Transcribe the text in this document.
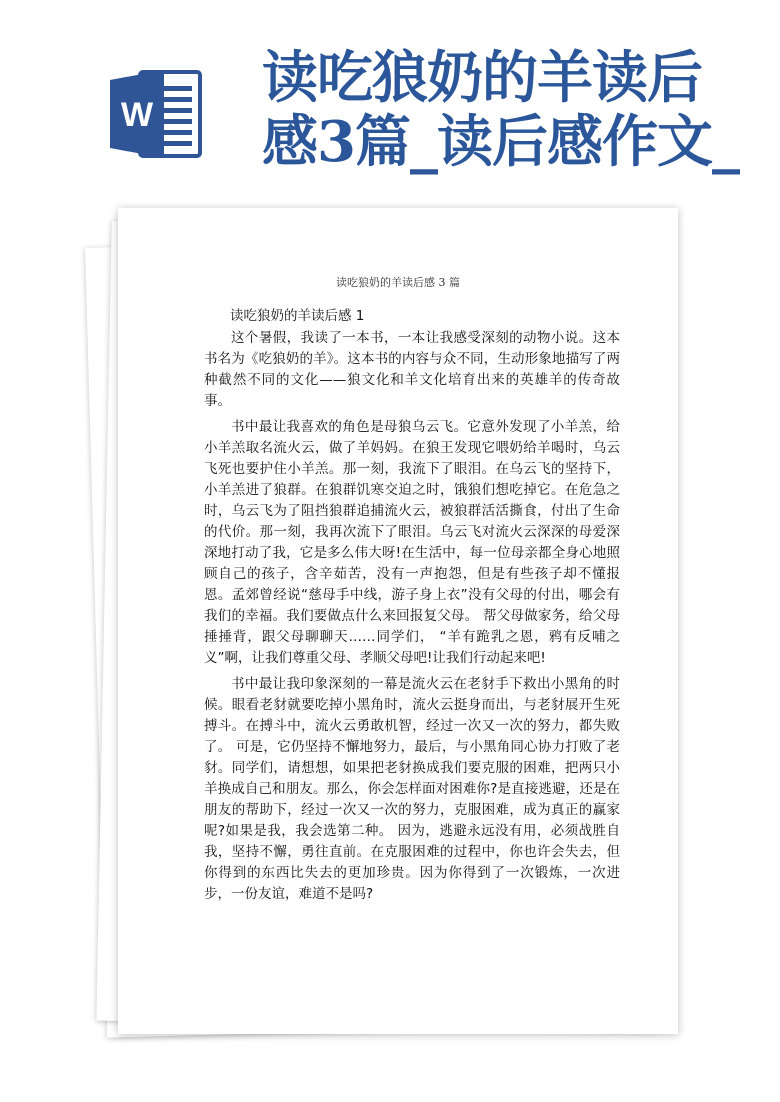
W
读吃狼奶的羊读后
感3篇_读后感作文_
读吃狼奶的羊读后感 3 篇
读吃狼奶的羊读后感 1

这个暑假，我读了一本书，一本让我感受深刻的动物小说。这本书名为《吃狼奶的羊》。这本书的内容与众不同，生动形象地描写了两种截然不同的文化——狼文化和羊文化培育出来的英雄羊的传奇故事。

书中最让我喜欢的角色是母狼乌云飞。它意外发现了小羊羔，给小羊羔取名流火云，做了羊妈妈。在狼王发现它喂奶给羊喝时，乌云飞死也要护住小羊羔。那一刻，我流下了眼泪。在乌云飞的坚持下，小羊羔进了狼群。在狼群饥寒交迫之时，饿狼们想吃掉它。在危急之时，乌云飞为了阻挡狼群追捕流火云，被狼群活活撕食，付出了生命的代价。那一刻，我再次流下了眼泪。乌云飞对流火云深深的母爱深深地打动了我，它是多么伟大呀!在生活中，每一位母亲都全身心地照顾自己的孩子，含辛茹苦，没有一声抱怨，但是有些孩子却不懂报恩。孟郊曾经说“慈母手中线，游子身上衣”没有父母的付出，哪会有我们的幸福。我们要做点什么来回报复父母。 帮父母做家务，给父母捶捶背，跟父母聊聊天……同学们， “羊有跪乳之恩，鸦有反哺之义”啊，让我们尊重父母、孝顺父母吧!让我们行动起来吧!

书中最让我印象深刻的一幕是流火云在老豺手下救出小黑角的时候。眼看老豺就要吃掉小黑角时，流火云挺身而出，与老豺展开生死搏斗。在搏斗中，流火云勇敢机智，经过一次又一次的努力，都失败了。 可是，它仍坚持不懈地努力，最后，与小黑角同心协力打败了老豺。同学们，请想想，如果把老豺换成我们要克服的困难，把两只小羊换成自己和朋友。那么，你会怎样面对困难你?是直接逃避，还是在朋友的帮助下，经过一次又一次的努力，克服困难，成为真正的赢家呢?如果是我，我会选第二种。 因为，逃避永远没有用，必须战胜自我，坚持不懈，勇往直前。在克服困难的过程中，你也许会失去，但你得到的东西比失去的更加珍贵。因为你得到了一次锻炼，一次进步，一份友谊，难道不是吗?
